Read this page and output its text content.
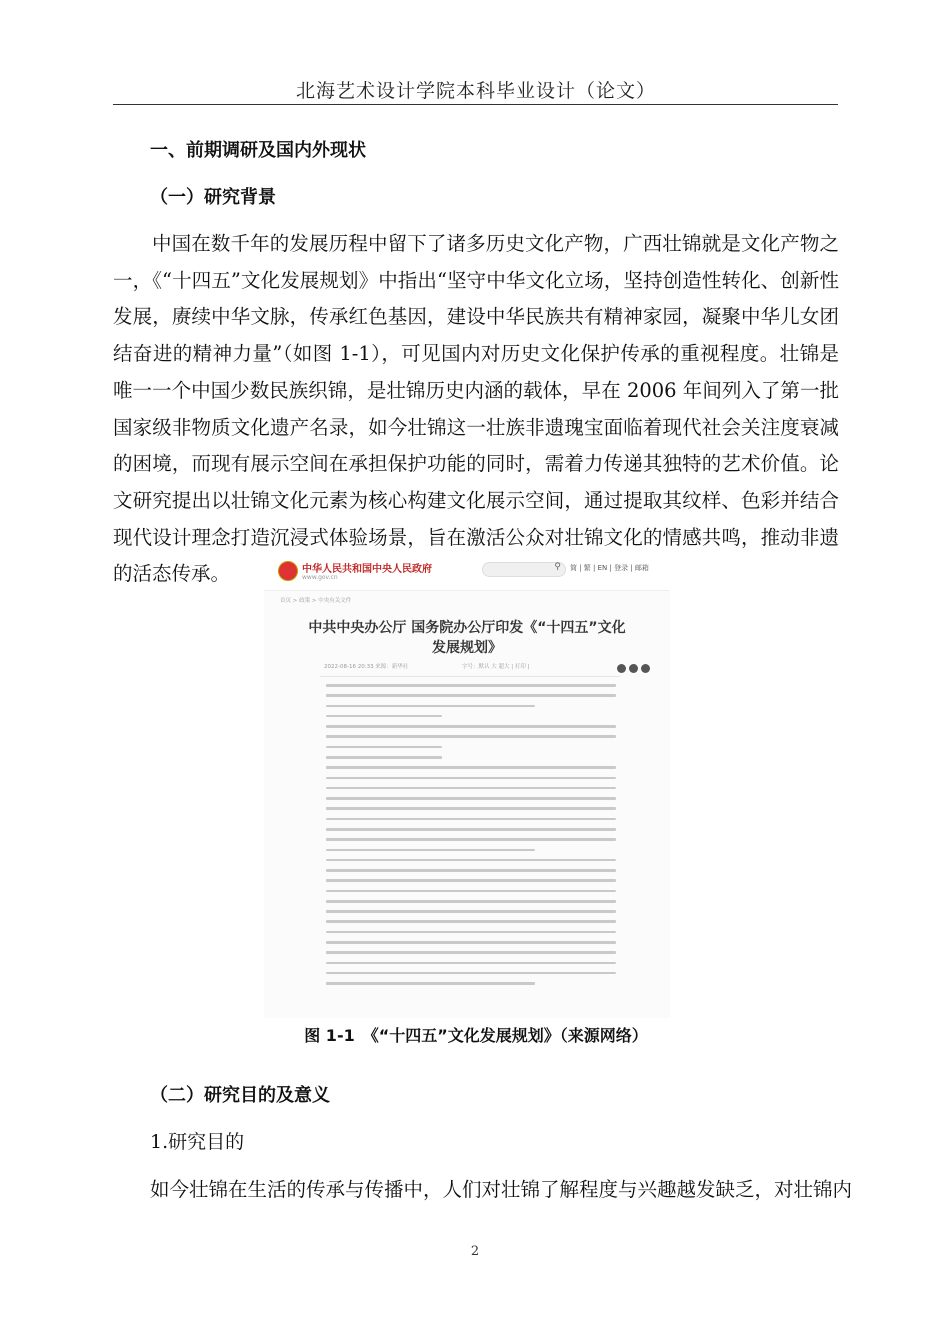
北海艺术设计学院本科毕业设计（论文）
一、前期调研及国内外现状
（一）研究背景

中国在数千年的发展历程中留下了诸多历史文化产物，广西壮锦就是文化产物之一，《“十四五”文化发展规划》中指出“坚守中华文化立场，坚持创造性转化、创新性发展，赓续中华文脉，传承红色基因，建设中华民族共有精神家园，凝聚中华儿女团结奋进的精神力量”（如图 1-1），可见国内对历史文化保护传承的重视程度。壮锦是唯一一个中国少数民族织锦，是壮锦历史内涵的载体，早在 2006 年间列入了第一批国家级非物质文化遗产名录，如今壮锦这一壮族非遗瑰宝面临着现代社会关注度衰减的困境，而现有展示空间在承担保护功能的同时，需着力传递其独特的艺术价值。论文研究提出以壮锦文化元素为核心构建文化展示空间，通过提取其纹样、色彩并结合现代设计理念打造沉浸式体验场景，旨在激活公众对壮锦文化的情感共鸣，推动非遗的活态传承。	中华人民共和国中央人民政府
www.gov.cn
⚲ 简 | 繁 | EN | 登录 | 邮箱
首页 > 政策 > 中央有关文件
中共中央办公厅 国务院办公厅印发《“十四五”文化发展规划》
2022-08-16 20:33 来源：新华社	字号：默认 大 超大 | 打印 |
图 1-1　《“十四五”文化发展规划》（来源网络）
（二）研究目的及意义
1.研究目的
如今壮锦在生活的传承与传播中，人们对壮锦了解程度与兴趣越发缺乏，对壮锦内
2
